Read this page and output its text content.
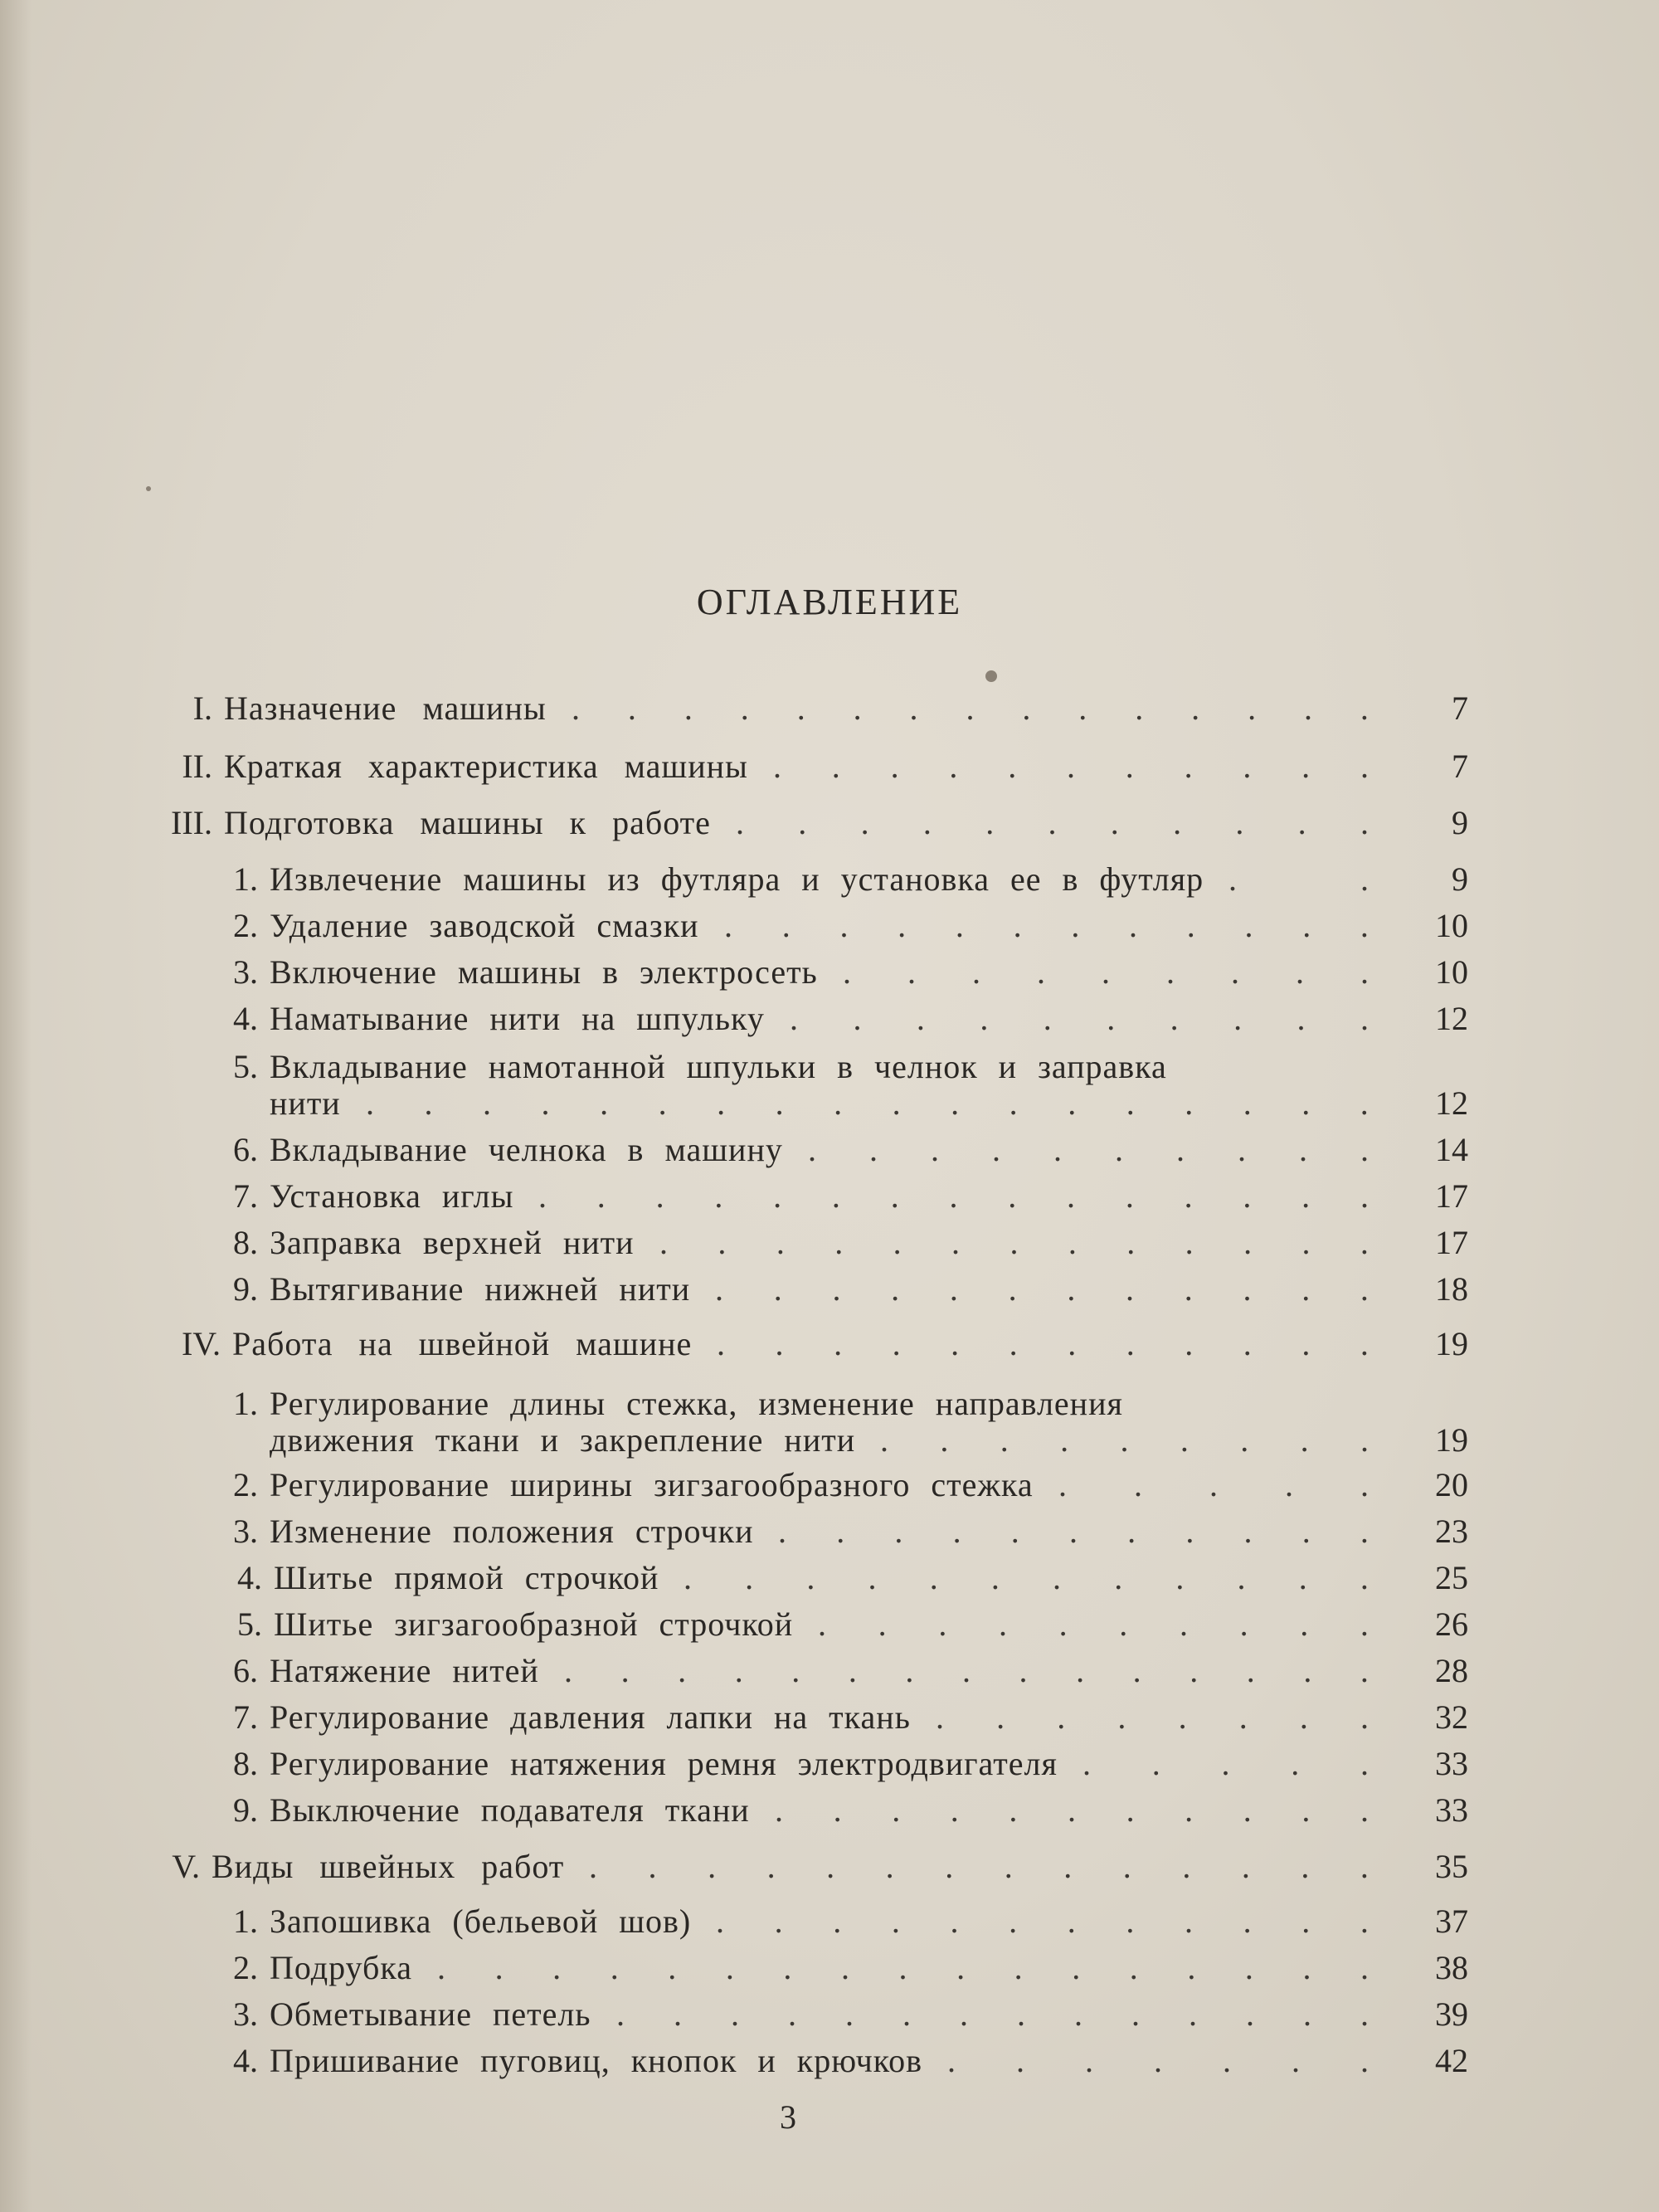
ОГЛАВЛЕНИЕ
I. Назначение машины . . . . . . . . . . . . . . .	7
II. Краткая характеристика машины . . . . . . . . . . .	7
III. Подготовка машины к работе . . . . . . . . . . .	9
1. Извлечение машины из футляра и установка ее в футляр .	.	9
2. Удаление заводской смазки . . . . . . . . . . . .	10
3. Включение машины в электросеть . . . . . . . . .	10
4. Наматывание нити на шпульку . . . . . . . . . .	12
5. Вкладывание намотанной шпульки в челнок и заправка
нити . . . . . . . . . . . . . . . . . .	12
6. Вкладывание челнока в машину . . . . . . . . . .	14
7. Установка иглы . . . . . . . . . . . . . . .	17
8. Заправка верхней нити . . . . . . . . . . . . .	17
9. Вытягивание нижней нити . . . . . . . . . . . .	18
IV. Работа на швейной машине . . . . . . . . . . . .	19
1. Регулирование длины стежка, изменение направления
движения ткани и закрепление нити . . . . . . . . .	19
2. Регулирование ширины зигзагообразного стежка . . . . .	20
3. Изменение положения строчки . . . . . . . . . . .	23
4. Шитье прямой строчкой . . . . . . . . . . . .	25
5. Шитье зигзагообразной строчкой . . . . . . . . . .	26
6. Натяжение нитей . . . . . . . . . . . . . . .	28
7. Регулирование давления лапки на ткань . . . . . . . .	32
8. Регулирование натяжения ремня электродвигателя . . . . .	33
9. Выключение подавателя ткани . . . . . . . . . . .	33
V. Виды швейных работ . . . . . . . . . . . . . .	35
1. Запошивка (бельевой шов) . . . . . . . . . . . .	37
2. Подрубка . . . . . . . . . . . . . . . . .	38
3. Обметывание петель . . . . . . . . . . . . . .	39
4. Пришивание пуговиц, кнопок и крючков . . . . . . .	42
3
